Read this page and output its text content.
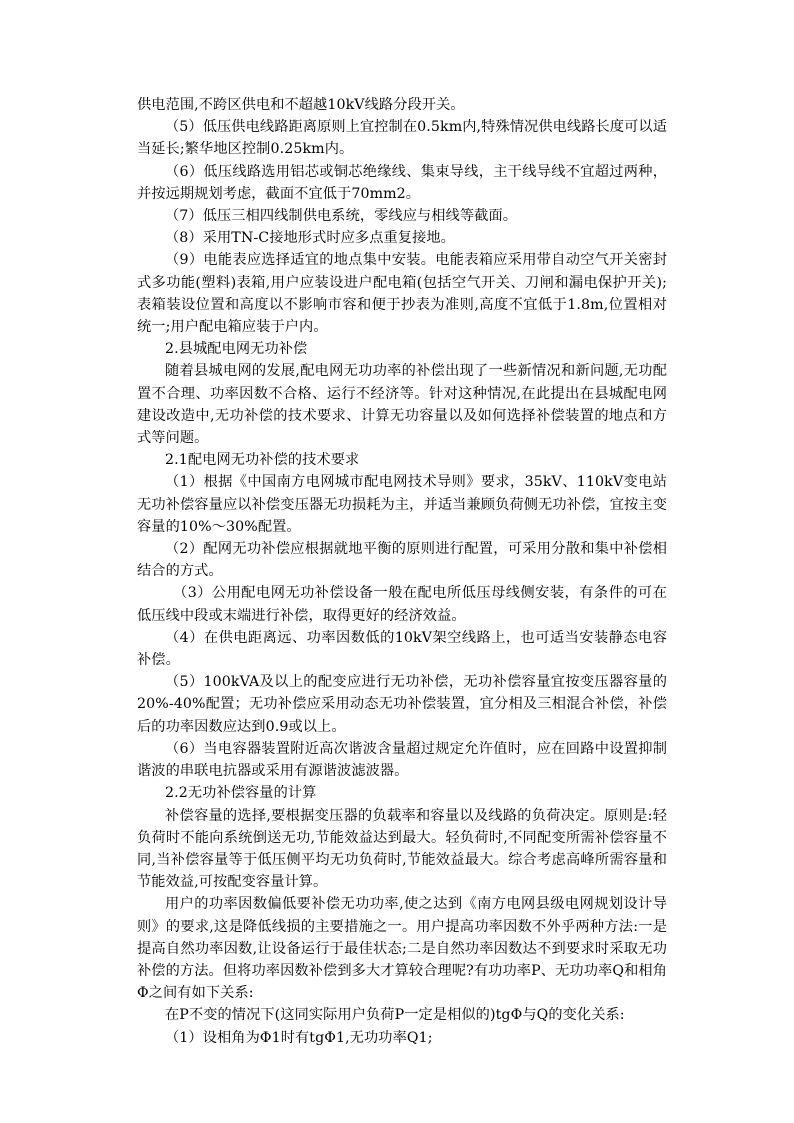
供电范围,不跨区供电和不超越10kV线路分段开关。

（5）低压供电线路距离原则上宜控制在0.5km内,特殊情况供电线路长度可以适当延长;繁华地区控制0.25km内。

（6）低压线路选用铝芯或铜芯绝缘线、集束导线，主干线导线不宜超过两种，并按远期规划考虑，截面不宜低于70mm2。

（7）低压三相四线制供电系统，零线应与相线等截面。

（8）采用TN-C接地形式时应多点重复接地。

（9）电能表应选择适宜的地点集中安装。电能表箱应采用带自动空气开关密封式多功能(塑料)表箱,用户应装设进户配电箱(包括空气开关、刀闸和漏电保护开关);表箱装设位置和高度以不影响市容和便于抄表为准则,高度不宜低于1.8m,位置相对统一;用户配电箱应装于户内。

2.县城配电网无功补偿

随着县城电网的发展,配电网无功功率的补偿出现了一些新情况和新问题,无功配置不合理、功率因数不合格、运行不经济等。针对这种情况,在此提出在县城配电网建设改造中,无功补偿的技术要求、计算无功容量以及如何选择补偿装置的地点和方式等问题。

2.1配电网无功补偿的技术要求

（1）根据《中国南方电网城市配电网技术导则》要求，35kV、110kV变电站无功补偿容量应以补偿变压器无功损耗为主，并适当兼顾负荷侧无功补偿，宜按主变容量的10%～30%配置。

（2）配网无功补偿应根据就地平衡的原则进行配置，可采用分散和集中补偿相结合的方式。

（3）公用配电网无功补偿设备一般在配电所低压母线侧安装，有条件的可在低压线中段或末端进行补偿，取得更好的经济效益。

（4）在供电距离远、功率因数低的10kV架空线路上，也可适当安装静态电容补偿。

（5）100kVA及以上的配变应进行无功补偿，无功补偿容量宜按变压器容量的20%-40%配置；无功补偿应采用动态无功补偿装置，宜分相及三相混合补偿，补偿后的功率因数应达到0.9或以上。

（6）当电容器装置附近高次谐波含量超过规定允许值时，应在回路中设置抑制谐波的串联电抗器或采用有源谐波滤波器。

2.2无功补偿容量的计算

补偿容量的选择,要根据变压器的负载率和容量以及线路的负荷决定。原则是:轻负荷时不能向系统倒送无功,节能效益达到最大。轻负荷时,不同配变所需补偿容量不同,当补偿容量等于低压侧平均无功负荷时,节能效益最大。综合考虑高峰所需容量和节能效益,可按配变容量计算。

用户的功率因数偏低要补偿无功功率,使之达到《南方电网县级电网规划设计导则》的要求,这是降低线损的主要措施之一。用户提高功率因数不外乎两种方法:一是提高自然功率因数,让设备运行于最佳状态;二是自然功率因数达不到要求时采取无功补偿的方法。但将功率因数补偿到多大才算较合理呢?有功功率P、无功功率Q和相角Φ之间有如下关系:

在P不变的情况下(这同实际用户负荷P一定是相似的)tgΦ与Q的变化关系:

（1）设相角为Φ1时有tgΦ1,无功功率Q1;
